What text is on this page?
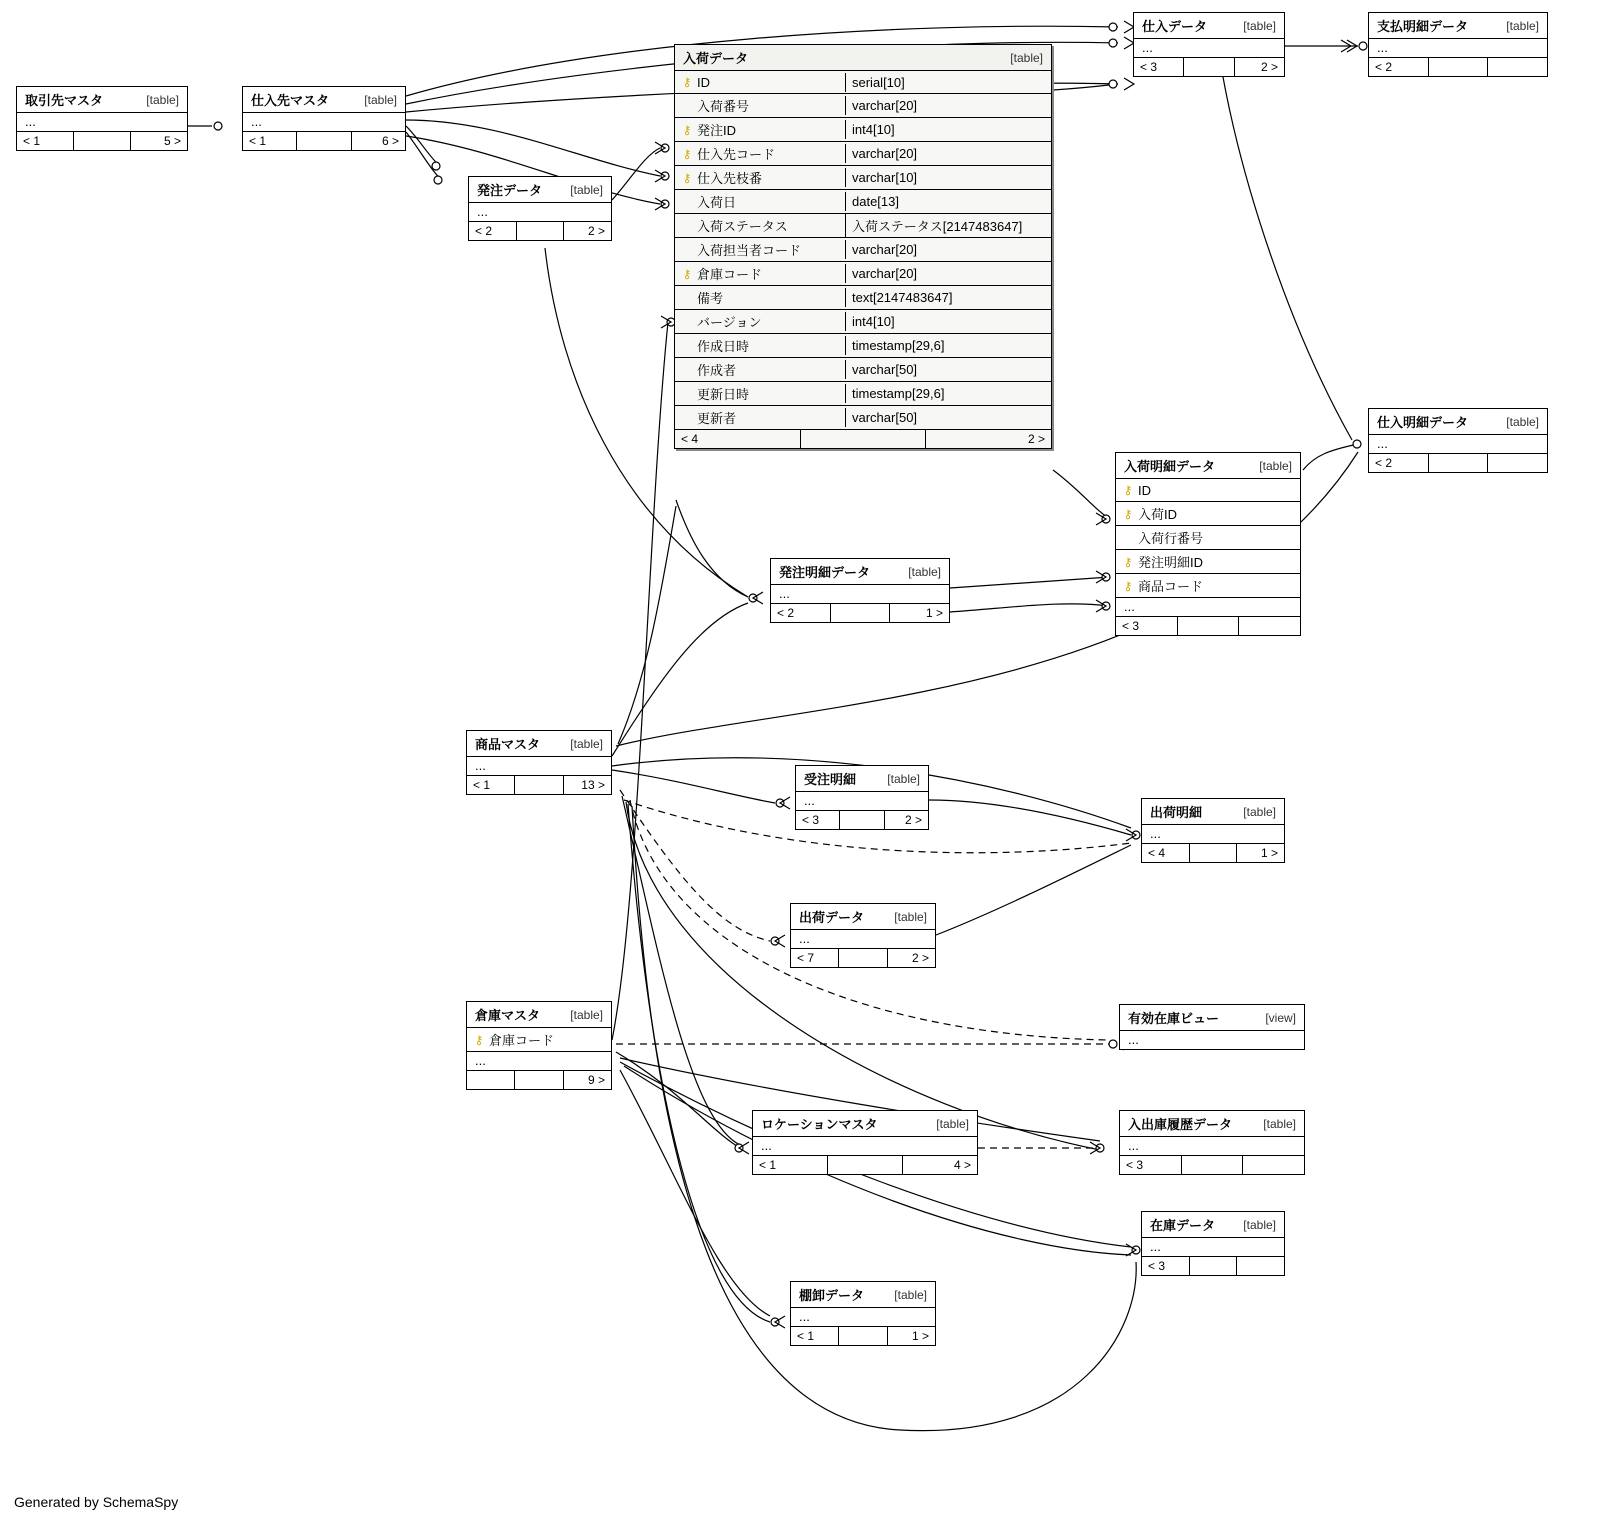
入荷データ	[table]
⚷ ID	serial[10]
入荷番号	varchar[20]
⚷ 発注ID	int4[10]
⚷ 仕入先コード	varchar[20]
⚷ 仕入先枝番	varchar[10]
入荷日	date[13]
入荷ステータス	入荷ステータス[2147483647]
入荷担当者コード	varchar[20]
⚷ 倉庫コード	varchar[20]
備考	text[2147483647]
バージョン	int4[10]
作成日時	timestamp[29,6]
作成者	varchar[50]
更新日時	timestamp[29,6]
更新者	varchar[50]
< 4	2 >
入荷明細データ	[table]
⚷ ID
⚷ 入荷ID
入荷行番号
⚷ 発注明細ID
⚷ 商品コード
...
< 3
倉庫マスタ	[table]
⚷ 倉庫コード
...
9 >
取引先マスタ	[table]
...
< 1	5 >
仕入先マスタ	[table]
...
< 1	6 >
発注データ [table]
...
< 2	2 >
仕入データ	[table]
...
< 3	2 >
支払明細データ	[table]
...
< 2
仕入明細データ	[table]
...
< 2
発注明細データ	[table]
...
< 2	1 >
商品マスタ	[table]
...
< 1	13 >	受注明細	[table]
...
< 3	2 >
出荷明細	[table]
...
< 4	1 >
出荷データ	[table]
...
< 7	2 >
有効在庫ビュー	[view]
...
ロケーションマスタ	[table]
...
< 1	4 >
入出庫履歴データ	[table]
...
< 3
在庫データ [table]
...
< 3
棚卸データ	[table]
...
< 1	1 >
Generated by SchemaSpy
